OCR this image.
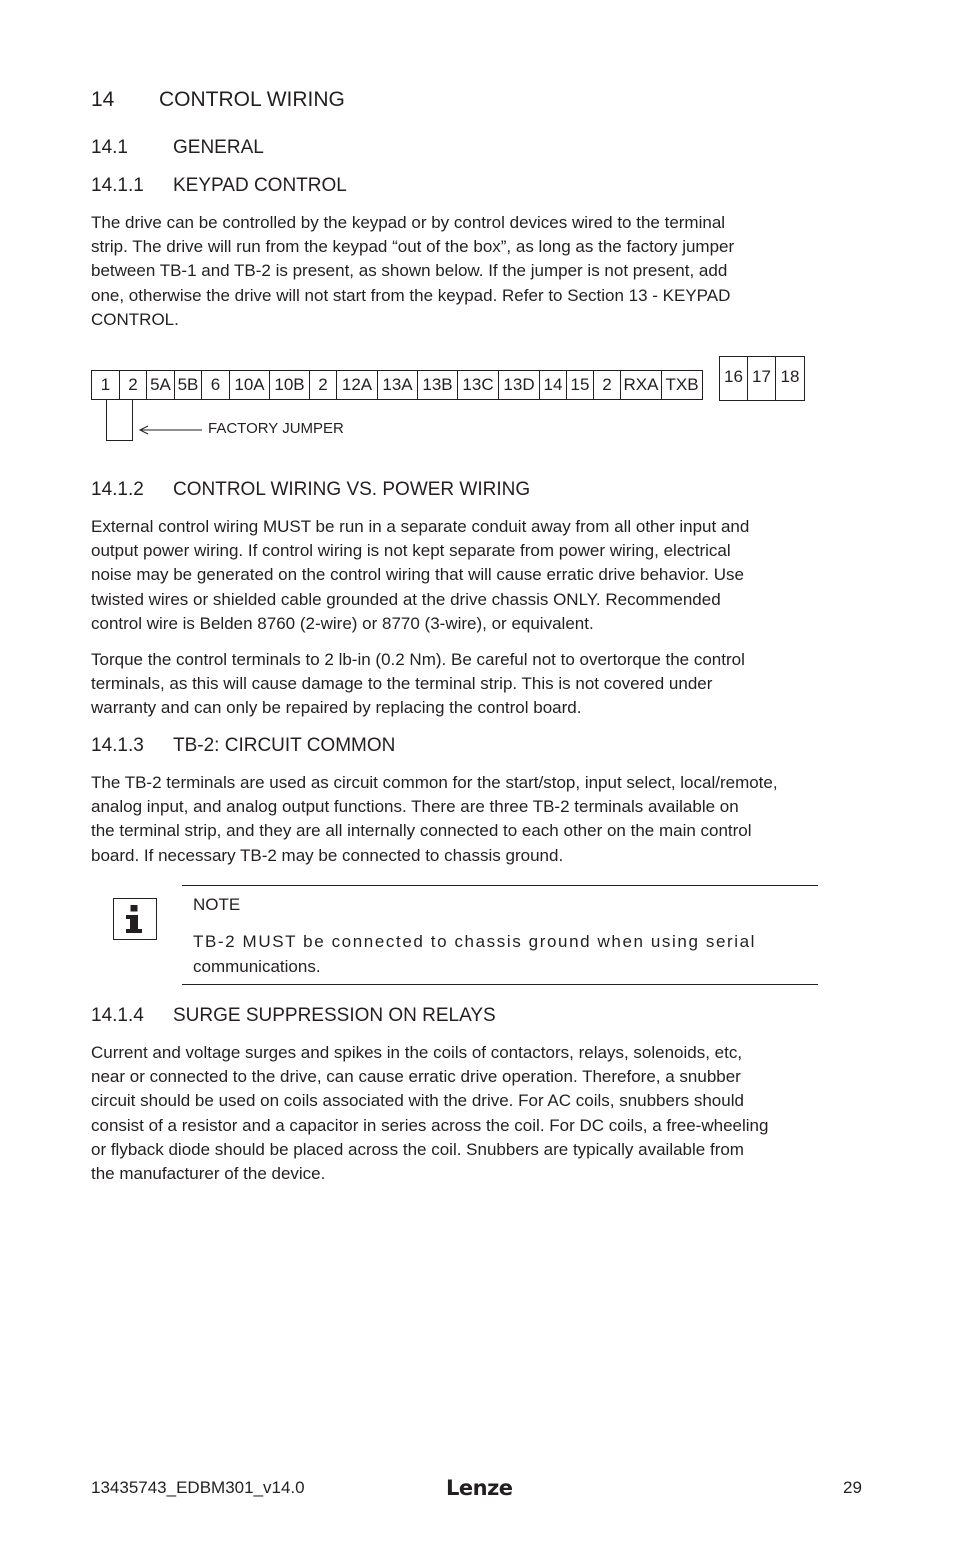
14 CONTROL WIRING
14.1 GENERAL
14.1.1 KEYPAD CONTROL
The drive can be controlled by the keypad or by control devices wired to the terminal
strip. The drive will run from the keypad “out of the box”, as long as the factory jumper
between TB-1 and TB-2 is present, as shown below. If the jumper is not present, add
one, otherwise the drive will not start from the keypad. Refer to Section 13 - KEYPAD
CONTROL.
1	2 5A 5B 6 10A 10B 2 12A 13A 13B 13C 13D 14 15 2 RXA TXB 16 17 18
FACTORY JUMPER
14.1.2 CONTROL WIRING VS. POWER WIRING
External control wiring MUST be run in a separate conduit away from all other input and
output power wiring. If control wiring is not kept separate from power wiring, electrical
noise may be generated on the control wiring that will cause erratic drive behavior. Use
twisted wires or shielded cable grounded at the drive chassis ONLY. Recommended
control wire is Belden 8760 (2-wire) or 8770 (3-wire), or equivalent.
Torque the control terminals to 2 lb-in (0.2 Nm). Be careful not to overtorque the control
terminals, as this will cause damage to the terminal strip. This is not covered under
warranty and can only be repaired by replacing the control board.
14.1.3 TB-2: CIRCUIT COMMON
The TB-2 terminals are used as circuit common for the start/stop, input select, local/remote,
analog input, and analog output functions. There are three TB-2 terminals available on
the terminal strip, and they are all internally connected to each other on the main control
board. If necessary TB-2 may be connected to chassis ground.
NOTE
TB-2 MUST be connected to chassis ground when using serial
communications.
14.1.4 SURGE SUPPRESSION ON RELAYS
Current and voltage surges and spikes in the coils of contactors, relays, solenoids, etc,
near or connected to the drive, can cause erratic drive operation. Therefore, a snubber
circuit should be used on coils associated with the drive. For AC coils, snubbers should
consist of a resistor and a capacitor in series across the coil. For DC coils, a free-wheeling
or flyback diode should be placed across the coil. Snubbers are typically available from
the manufacturer of the device.
13435743_EDBM301_v14.0	Lenze	29
